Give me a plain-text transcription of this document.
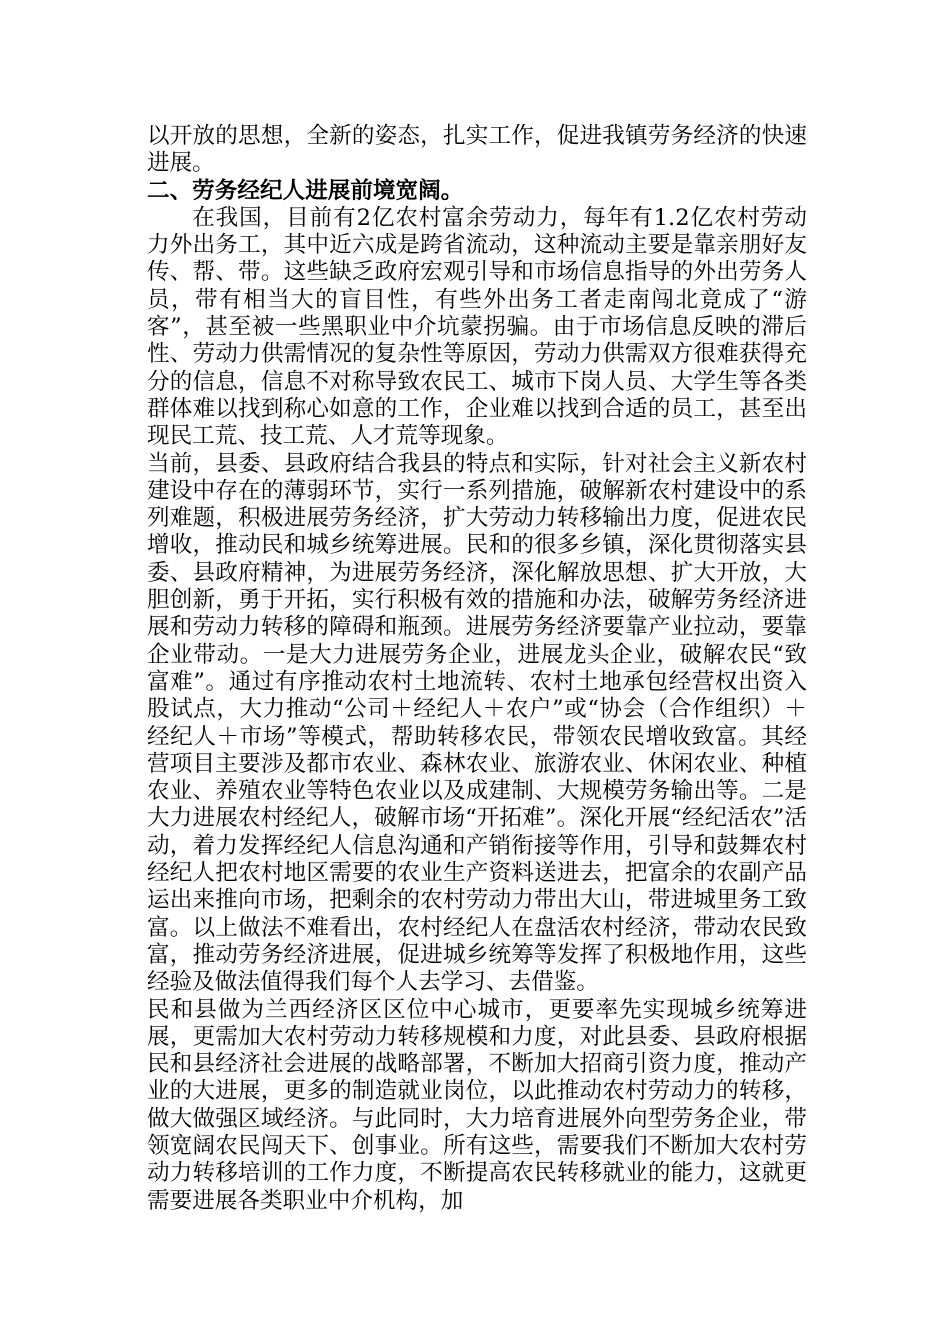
以开放的思想，全新的姿态，扎实工作，促进我镇劳务经济的快速进展。

二、劳务经纪人进展前境宽阔。

在我国，目前有2亿农村富余劳动力，每年有1.2亿农村劳动力外出务工，其中近六成是跨省流动，这种流动主要是靠亲朋好友传、帮、带。这些缺乏政府宏观引导和市场信息指导的外出劳务人员，带有相当大的盲目性，有些外出务工者走南闯北竟成了“游客”，甚至被一些黑职业中介坑蒙拐骗。由于市场信息反映的滞后性、劳动力供需情况的复杂性等原因，劳动力供需双方很难获得充分的信息，信息不对称导致农民工、城市下岗人员、大学生等各类群体难以找到称心如意的工作，企业难以找到合适的员工，甚至出现民工荒、技工荒、人才荒等现象。

当前，县委、县政府结合我县的特点和实际，针对社会主义新农村建设中存在的薄弱环节，实行一系列措施，破解新农村建设中的系列难题，积极进展劳务经济，扩大劳动力转移输出力度，促进农民增收，推动民和城乡统筹进展。民和的很多乡镇，深化贯彻落实县委、县政府精神，为进展劳务经济，深化解放思想、扩大开放，大胆创新，勇于开拓，实行积极有效的措施和办法，破解劳务经济进展和劳动力转移的障碍和瓶颈。进展劳务经济要靠产业拉动，要靠企业带动。一是大力进展劳务企业，进展龙头企业，破解农民“致富难”。通过有序推动农村土地流转、农村土地承包经营权出资入股试点，大力推动“公司＋经纪人＋农户”或“协会（合作组织）＋经纪人＋市场”等模式，帮助转移农民，带领农民增收致富。其经营项目主要涉及都市农业、森林农业、旅游农业、休闲农业、种植农业、养殖农业等特色农业以及成建制、大规模劳务输出等。二是大力进展农村经纪人，破解市场“开拓难”。深化开展“经纪活农”活动，着力发挥经纪人信息沟通和产销衔接等作用，引导和鼓舞农村经纪人把农村地区需要的农业生产资料送进去，把富余的农副产品运出来推向市场，把剩余的农村劳动力带出大山，带进城里务工致富。以上做法不难看出，农村经纪人在盘活农村经济，带动农民致富，推动劳务经济进展，促进城乡统筹等发挥了积极地作用，这些经验及做法值得我们每个人去学习、去借鉴。

民和县做为兰西经济区区位中心城市，更要率先实现城乡统筹进展，更需加大农村劳动力转移规模和力度，对此县委、县政府根据民和县经济社会进展的战略部署，不断加大招商引资力度，推动产业的大进展，更多的制造就业岗位，以此推动农村劳动力的转移，做大做强区域经济。与此同时，大力培育进展外向型劳务企业，带领宽阔农民闯天下、创事业。所有这些，需要我们不断加大农村劳动力转移培训的工作力度，不断提高农民转移就业的能力，这就更需要进展各类职业中介机构，加
